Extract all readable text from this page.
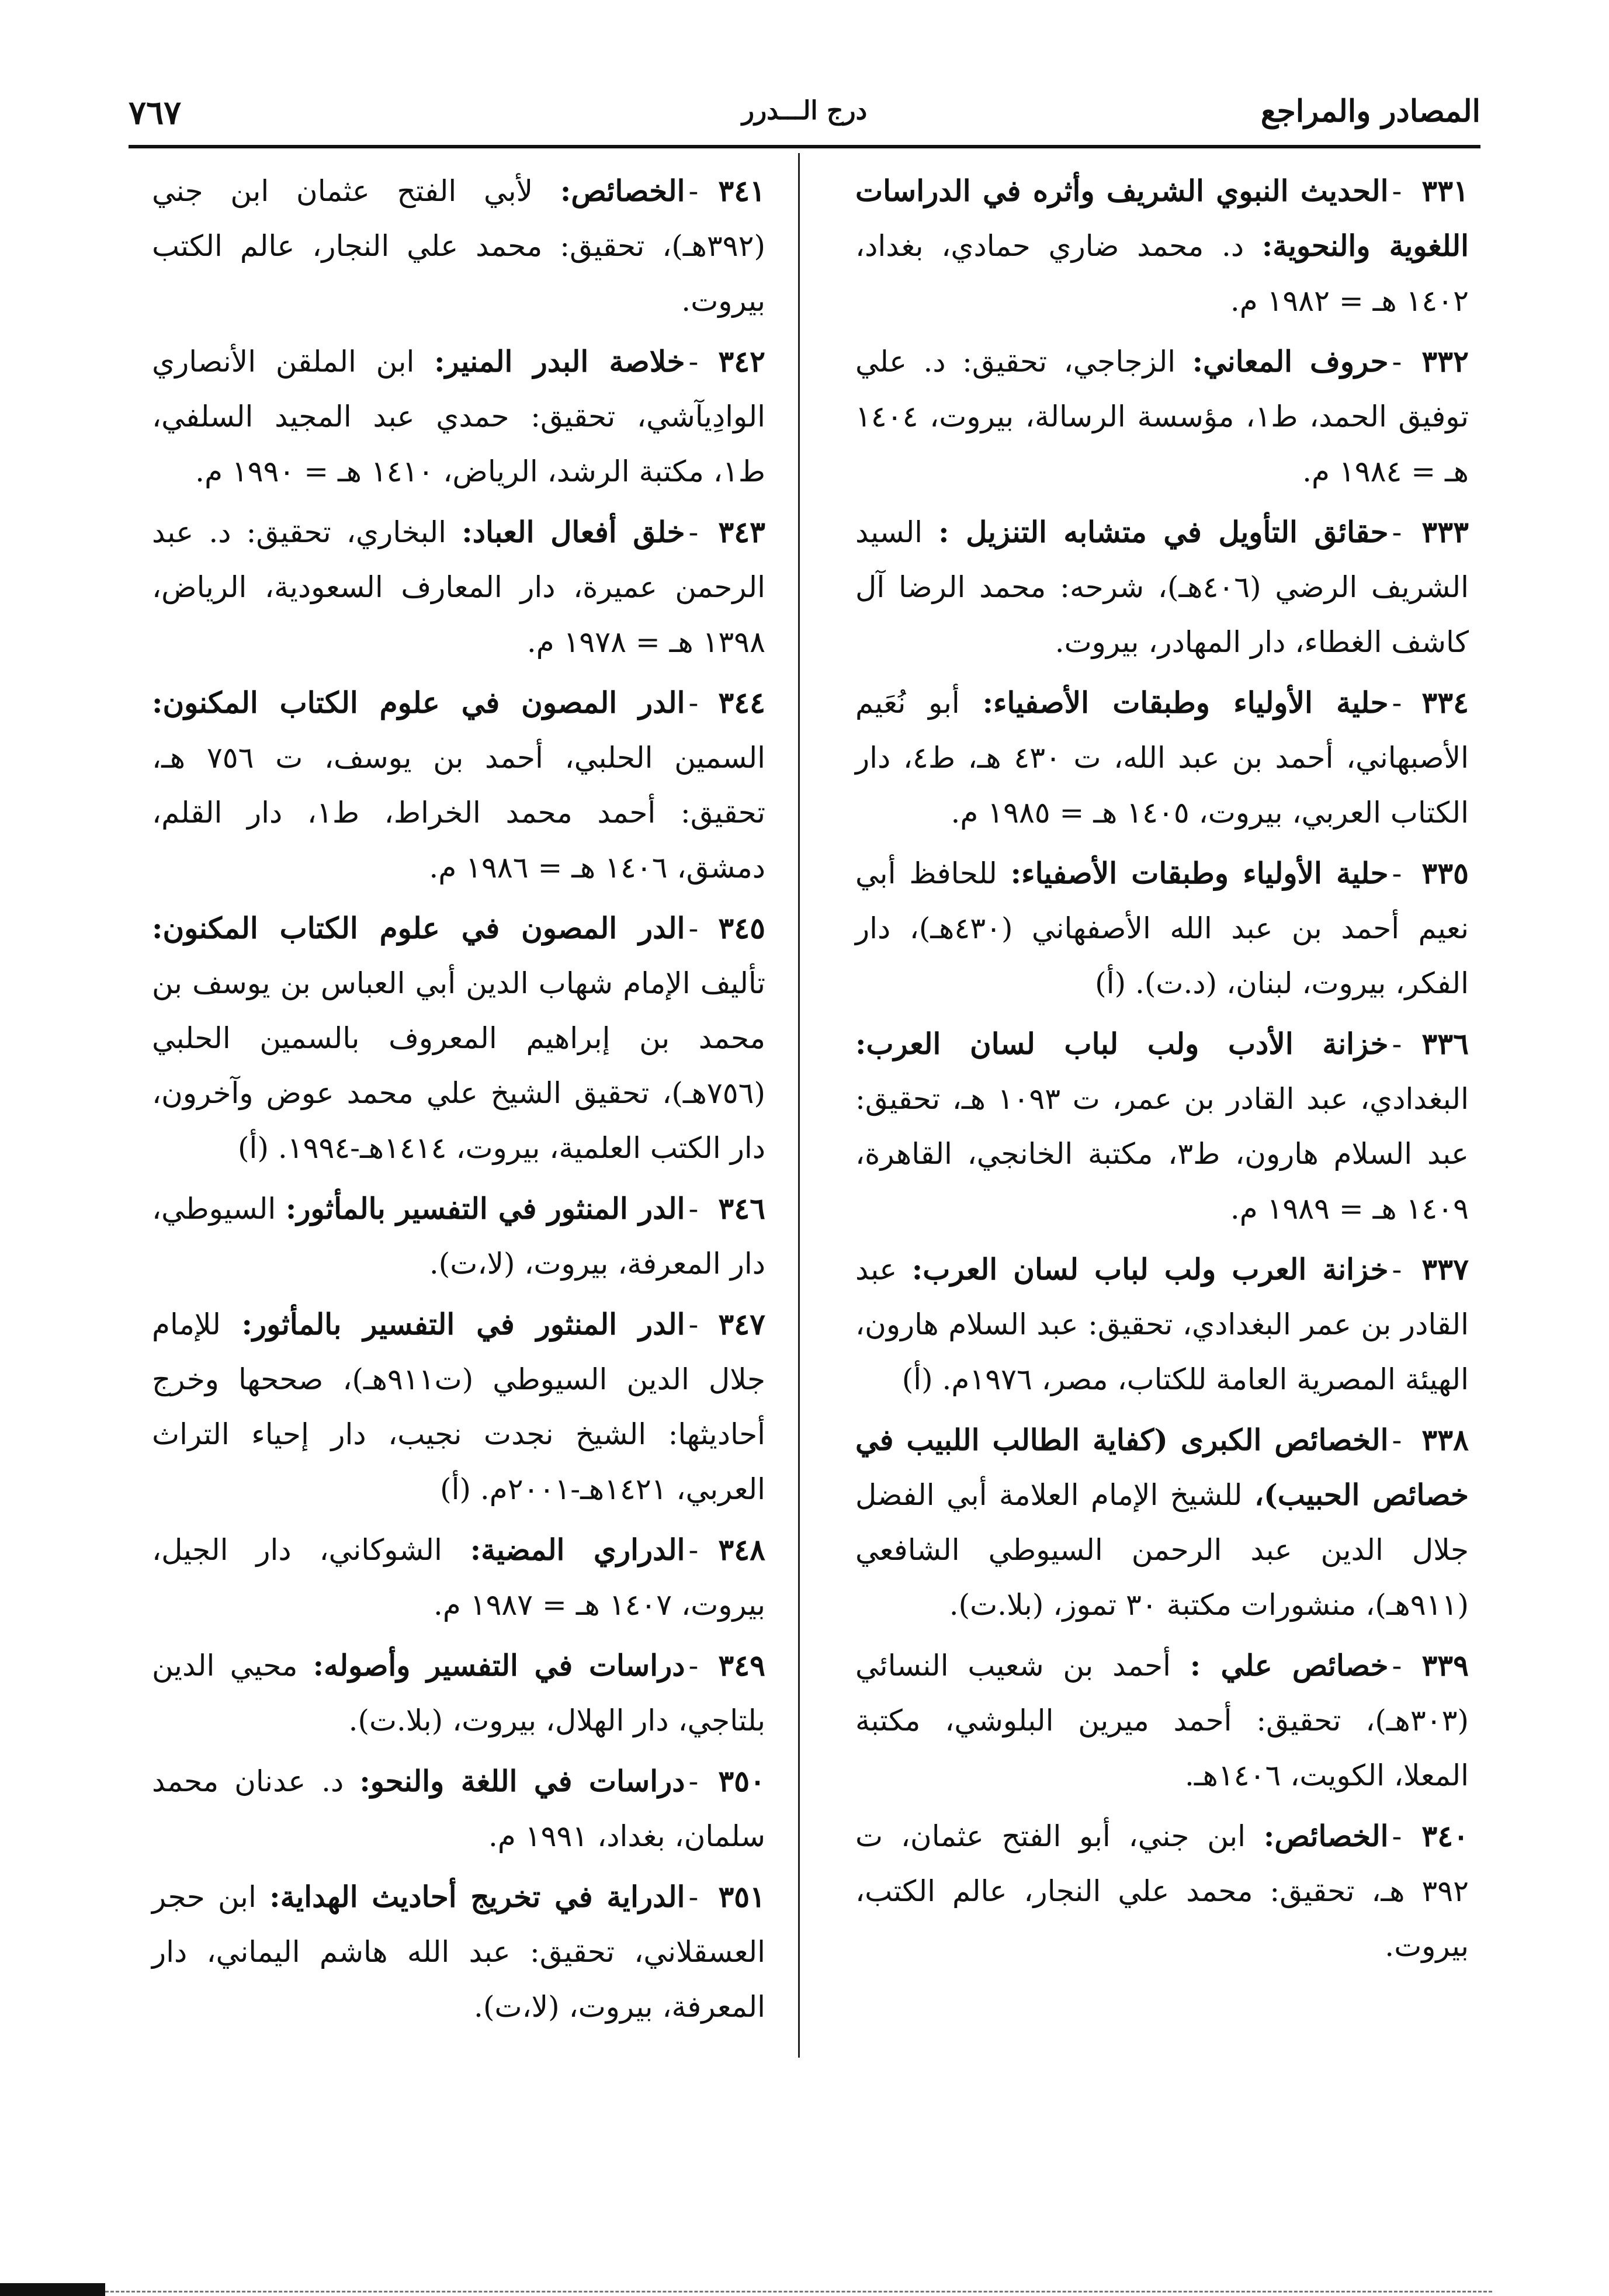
المصادر والمراجع
درج الـــدرر
٧٦٧

٣٣١-الحديث النبوي الشريف وأثره في الدراسات اللغوية والنحوية: د. محمد ضاري حمادي، بغداد، ١٤٠٢ هـ = ١٩٨٢ م.

٣٣٢-حروف المعاني: الزجاجي، تحقيق: د. علي توفيق الحمد، ط١، مؤسسة الرسالة، بيروت، ١٤٠٤ هـ = ١٩٨٤ م.

٣٣٣-حقائق التأويل في متشابه التنزيل : السيد الشريف الرضي (٤٠٦هـ)، شرحه: محمد الرضا آل كاشف الغطاء، دار المهادر، بيروت.

٣٣٤-حلية الأولياء وطبقات الأصفياء: أبو نُعَيم الأصبهاني، أحمد بن عبد الله، ت ٤٣٠ هـ، ط٤، دار الكتاب العربي، بيروت، ١٤٠٥ هـ = ١٩٨٥ م.

٣٣٥-حلية الأولياء وطبقات الأصفياء: للحافظ أبي نعيم أحمد بن عبد الله الأصفهاني (٤٣٠هـ)، دار الفكر، بيروت، لبنان، (د.ت). (أ)

٣٣٦-خزانة الأدب ولب لباب لسان العرب: البغدادي، عبد القادر بن عمر، ت ١٠٩٣ هـ، تحقيق: عبد السلام هارون، ط٣، مكتبة الخانجي، القاهرة، ١٤٠٩ هـ = ١٩٨٩ م.

٣٣٧-خزانة العرب ولب لباب لسان العرب: عبد القادر بن عمر البغدادي، تحقيق: عبد السلام هارون، الهيئة المصرية العامة للكتاب، مصر، ١٩٧٦م. (أ)

٣٣٨-الخصائص الكبرى (كفاية الطالب اللبيب في خصائص الحبيب)، للشيخ الإمام العلامة أبي الفضل جلال الدين عبد الرحمن السيوطي الشافعي (٩١١هـ)، منشورات مكتبة ٣٠ تموز، (بلا.ت).

٣٣٩-خصائص علي : أحمد بن شعيب النسائي (٣٠٣هـ)، تحقيق: أحمد ميرين البلوشي، مكتبة المعلا، الكويت، ١٤٠٦هـ.

٣٤٠-الخصائص: ابن جني، أبو الفتح عثمان، ت ٣٩٢ هـ، تحقيق: محمد علي النجار، عالم الكتب، بيروت.

٣٤١-الخصائص: لأبي الفتح عثمان ابن جني (٣٩٢هـ)، تحقيق: محمد علي النجار، عالم الكتب بيروت.

٣٤٢-خلاصة البدر المنير: ابن الملقن الأنصاري الوادِيآشي، تحقيق: حمدي عبد المجيد السلفي، ط١، مكتبة الرشد، الرياض، ١٤١٠ هـ = ١٩٩٠ م.

٣٤٣-خلق أفعال العباد: البخاري، تحقيق: د. عبد الرحمن عميرة، دار المعارف السعودية، الرياض، ١٣٩٨ هـ = ١٩٧٨ م.

٣٤٤-الدر المصون في علوم الكتاب المكنون: السمين الحلبي، أحمد بن يوسف، ت ٧٥٦ هـ، تحقيق: أحمد محمد الخراط، ط١، دار القلم، دمشق، ١٤٠٦ هـ = ١٩٨٦ م.

٣٤٥-الدر المصون في علوم الكتاب المكنون: تأليف الإمام شهاب الدين أبي العباس بن يوسف بن محمد بن إبراهيم المعروف بالسمين الحلبي (٧٥٦هـ)، تحقيق الشيخ علي محمد عوض وآخرون، دار الكتب العلمية، بيروت، ١٤١٤هـ-١٩٩٤. (أ)

٣٤٦-الدر المنثور في التفسير بالمأثور: السيوطي، دار المعرفة، بيروت، (لا،ت).

٣٤٧-الدر المنثور في التفسير بالمأثور: للإمام جلال الدين السيوطي (ت٩١١هـ)، صححها وخرج أحاديثها: الشيخ نجدت نجيب، دار إحياء التراث العربي، ١٤٢١هـ-٢٠٠١م. (أ)

٣٤٨-الدراري المضية: الشوكاني، دار الجيل، بيروت، ١٤٠٧ هـ = ١٩٨٧ م.

٣٤٩-دراسات في التفسير وأصوله: محيي الدين بلتاجي، دار الهلال، بيروت، (بلا.ت).

٣٥٠-دراسات في اللغة والنحو: د. عدنان محمد سلمان، بغداد، ١٩٩١ م.

٣٥١-الدراية في تخريج أحاديث الهداية: ابن حجر العسقلاني، تحقيق: عبد الله هاشم اليماني، دار المعرفة، بيروت، (لا،ت).
